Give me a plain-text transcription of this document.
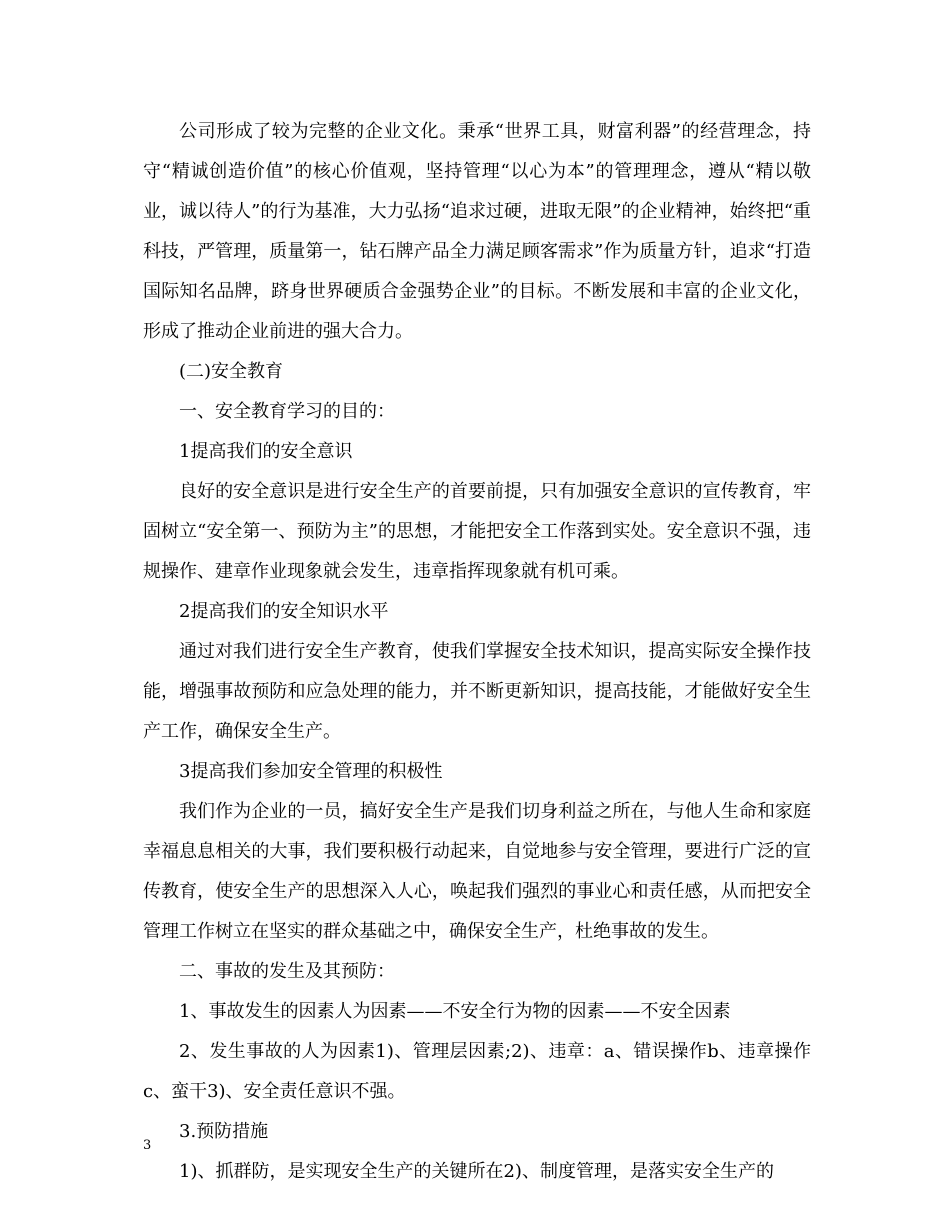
公司形成了较为完整的企业文化。秉承“世界工具，财富利器”的经营理念，持守“精诚创造价值”的核心价值观，坚持管理“以心为本”的管理理念，遵从“精以敬业，诚以待人”的行为基准，大力弘扬“追求过硬，进取无限”的企业精神，始终把“重科技，严管理，质量第一，钻石牌产品全力满足顾客需求”作为质量方针，追求“打造国际知名品牌，跻身世界硬质合金强势企业”的目标。不断发展和丰富的企业文化，形成了推动企业前进的强大合力。

(二)安全教育

一、安全教育学习的目的：

1提高我们的安全意识

良好的安全意识是进行安全生产的首要前提，只有加强安全意识的宣传教育，牢固树立“安全第一、预防为主”的思想，才能把安全工作落到实处。安全意识不强，违规操作、建章作业现象就会发生，违章指挥现象就有机可乘。

2提高我们的安全知识水平

通过对我们进行安全生产教育，使我们掌握安全技术知识，提高实际安全操作技能，增强事故预防和应急处理的能力，并不断更新知识，提高技能，才能做好安全生产工作，确保安全生产。

3提高我们参加安全管理的积极性

我们作为企业的一员，搞好安全生产是我们切身利益之所在，与他人生命和家庭幸福息息相关的大事，我们要积极行动起来，自觉地参与安全管理，要进行广泛的宣传教育，使安全生产的思想深入人心，唤起我们强烈的事业心和责任感，从而把安全管理工作树立在坚实的群众基础之中，确保安全生产，杜绝事故的发生。

二、事故的发生及其预防：

1、事故发生的因素人为因素——不安全行为物的因素——不安全因素

2、发生事故的人为因素1)、管理层因素;2)、违章：a、错误操作b、违章操作c、蛮干3)、安全责任意识不强。

3.预防措施

1)、抓群防，是实现安全生产的关键所在2)、制度管理，是落实安全生产的

3
